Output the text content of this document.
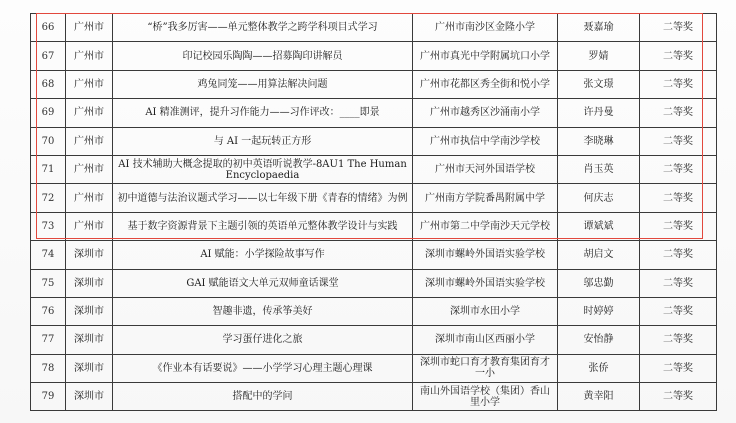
66	广州市	“桥”我多厉害——单元整体教学之跨学科项目式学习	广州市南沙区金隆小学	聂嘉瑜	二等奖
67	广州市	印记校园乐陶陶——招募陶印讲解员	广州市真光中学附属坑口小学	罗婧	二等奖
68	广州市	鸡兔同笼——用算法解决问题	广州市花都区秀全街和悦小学	张文璟	二等奖
69	广州市	AI 精准测评，提升习作能力——习作评改：____即景	广州市越秀区沙涌南小学	许丹曼	二等奖
70	广州市	与 AI 一起玩转正方形	广州市执信中学南沙学校	李晓琳	二等奖
71	广州市	AI 技术辅助大概念提取的初中英语听说教学-8AU1 The Human Encyclopaedia	广州市天河外国语学校	肖玉英	二等奖
72	广州市	初中道德与法治议题式学习——以七年级下册《青春的情绪》为例	广州南方学院番禺附属中学	何庆志	二等奖
73	广州市	基于数字资源背景下主题引领的英语单元整体教学设计与实践	广州市第二中学南沙天元学校	谭斌斌	二等奖
74	深圳市	AI 赋能：小学探险故事写作	深圳市螺岭外国语实验学校	胡启文	二等奖
75	深圳市	GAI 赋能语文大单元双师童话课堂	深圳市螺岭外国语实验学校	邬忠勤	二等奖
76	深圳市	智趣非遗，传承筝美好	深圳市水田小学	时婷婷	二等奖
77	深圳市	学习蛋仔进化之旅	深圳市南山区西丽小学	安怡静	二等奖
78	深圳市	《作业本有话要说》——小学学习心理主题心理课	深圳市蛇口育才教育集团育才一小	张侨	二等奖
79	深圳市	搭配中的学问	南山外国语学校（集团）香山里小学	黄幸阳	二等奖
